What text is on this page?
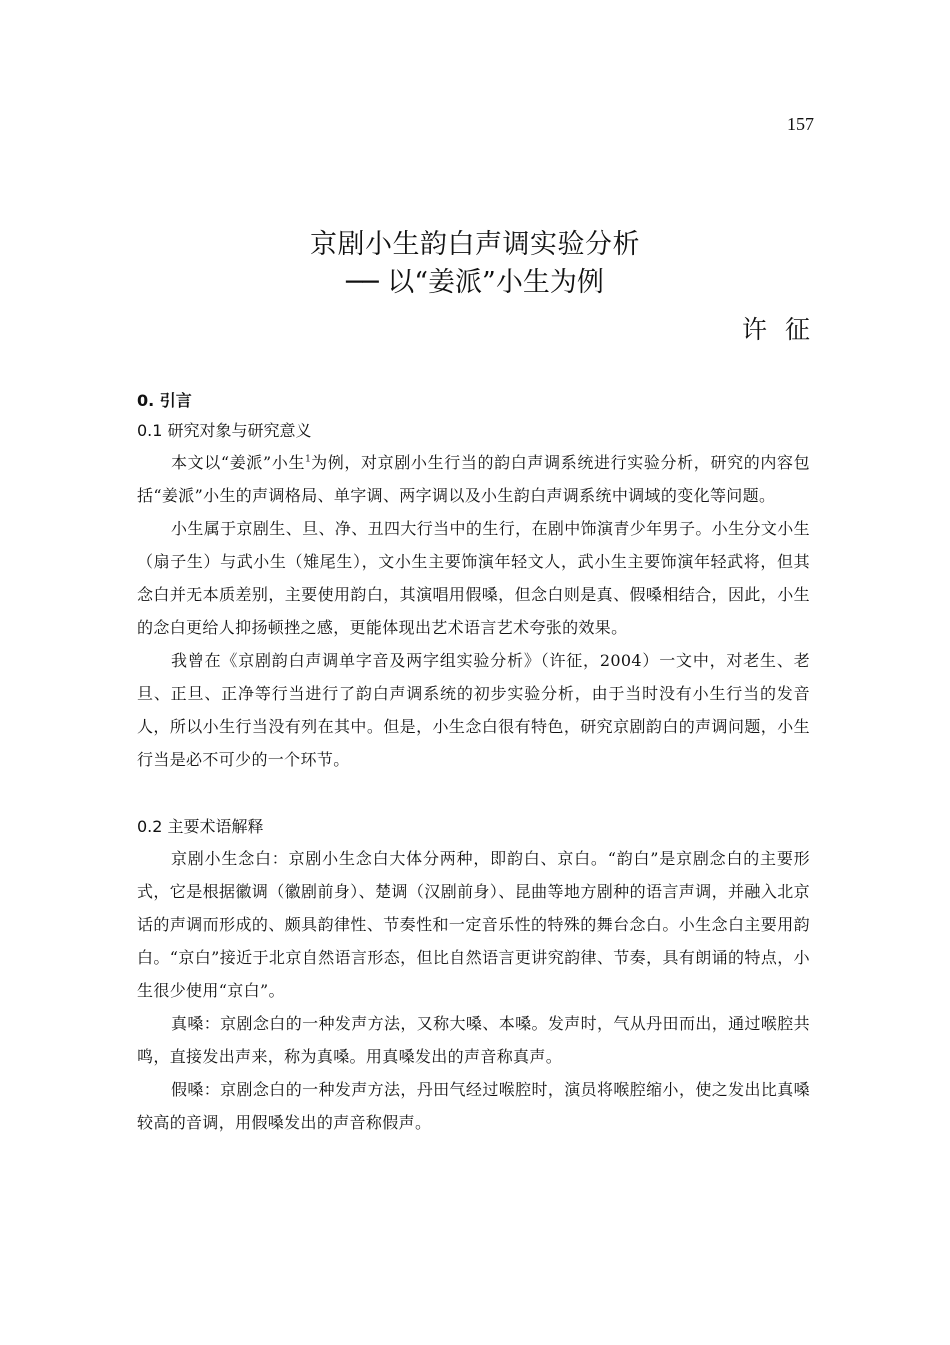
157
京剧小生韵白声调实验分析
── 以“姜派”小生为例
许征
0. 引言
0.1 研究对象与研究意义

本文以“姜派”小生$^1$为例，对京剧小生行当的韵白声调系统进行实验分析，研究的内容包括“姜派”小生的声调格局、单字调、两字调以及小生韵白声调系统中调域的变化等问题。

小生属于京剧生、旦、净、丑四大行当中的生行，在剧中饰演青少年男子。小生分文小生（扇子生）与武小生（雉尾生），文小生主要饰演年轻文人，武小生主要饰演年轻武将，但其念白并无本质差别，主要使用韵白，其演唱用假嗓，但念白则是真、假嗓相结合，因此，小生的念白更给人抑扬顿挫之感，更能体现出艺术语言艺术夸张的效果。

我曾在《京剧韵白声调单字音及两字组实验分析》（许征，2004）一文中，对老生、老旦、正旦、正净等行当进行了韵白声调系统的初步实验分析，由于当时没有小生行当的发音人，所以小生行当没有列在其中。但是，小生念白很有特色，研究京剧韵白的声调问题，小生行当是必不可少的一个环节。

0.2 主要术语解释

京剧小生念白：京剧小生念白大体分两种，即韵白、京白。“韵白”是京剧念白的主要形式，它是根据徽调（徽剧前身）、楚调（汉剧前身）、昆曲等地方剧种的语言声调，并融入北京话的声调而形成的、颇具韵律性、节奏性和一定音乐性的特殊的舞台念白。小生念白主要用韵白。“京白”接近于北京自然语言形态，但比自然语言更讲究韵律、节奏，具有朗诵的特点，小生很少使用“京白”。

真嗓：京剧念白的一种发声方法，又称大嗓、本嗓。发声时，气从丹田而出，通过喉腔共鸣，直接发出声来，称为真嗓。用真嗓发出的声音称真声。

假嗓：京剧念白的一种发声方法，丹田气经过喉腔时，演员将喉腔缩小，使之发出比真嗓较高的音调，用假嗓发出的声音称假声。
